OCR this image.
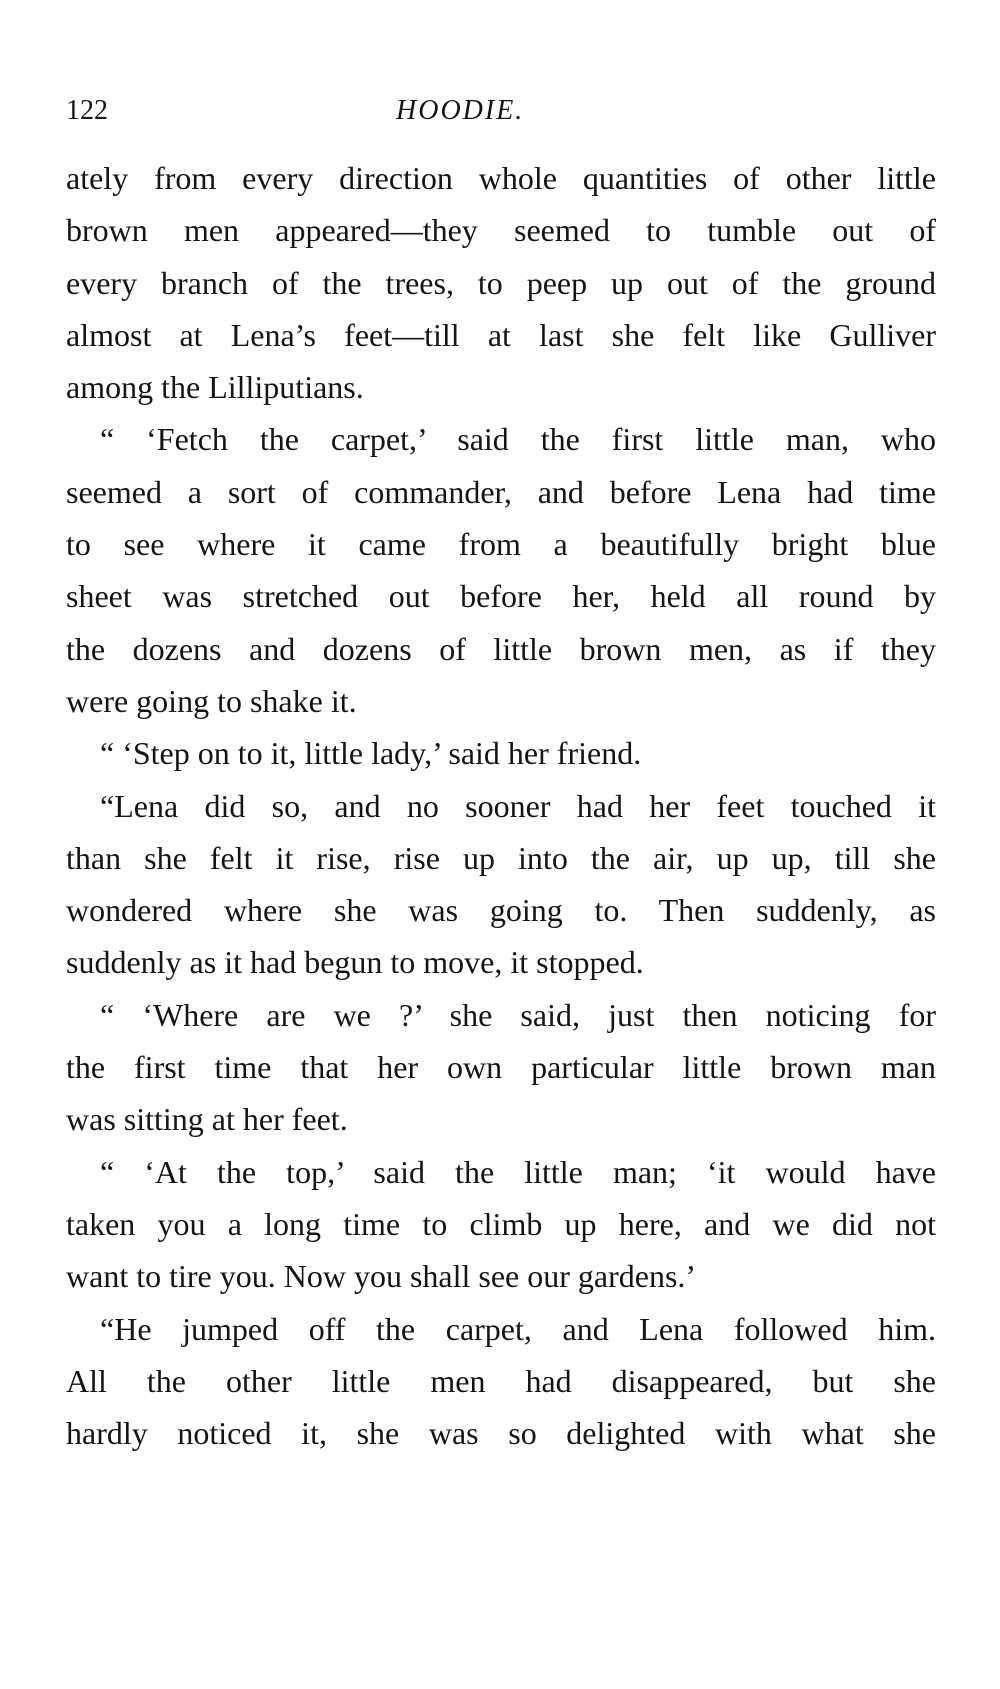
122	HOODIE.

ately from every direction whole quantities of other little
brown men appeared—they seemed to tumble out of
every branch of the trees, to peep up out of the ground
almost at Lena’s feet—till at last she felt like Gulliver
among the Lilliputians.

“ ‘Fetch the carpet,’ said the first little man, who
seemed a sort of commander, and before Lena had time
to see where it came from a beautifully bright blue
sheet was stretched out before her, held all round by
the dozens and dozens of little brown men, as if they
were going to shake it.

“ ‘Step on to it, little lady,’ said her friend.

“Lena did so, and no sooner had her feet touched it
than she felt it rise, rise up into the air, up up, till she
wondered where she was going to. Then suddenly, as
suddenly as it had begun to move, it stopped.

“ ‘Where are we ?’ she said, just then noticing for
the first time that her own particular little brown man
was sitting at her feet.

“ ‘At the top,’ said the little man; ‘it would have
taken you a long time to climb up here, and we did not
want to tire you. Now you shall see our gardens.’

“He jumped off the carpet, and Lena followed him.
All the other little men had disappeared, but she
hardly noticed it, she was so delighted with what she
